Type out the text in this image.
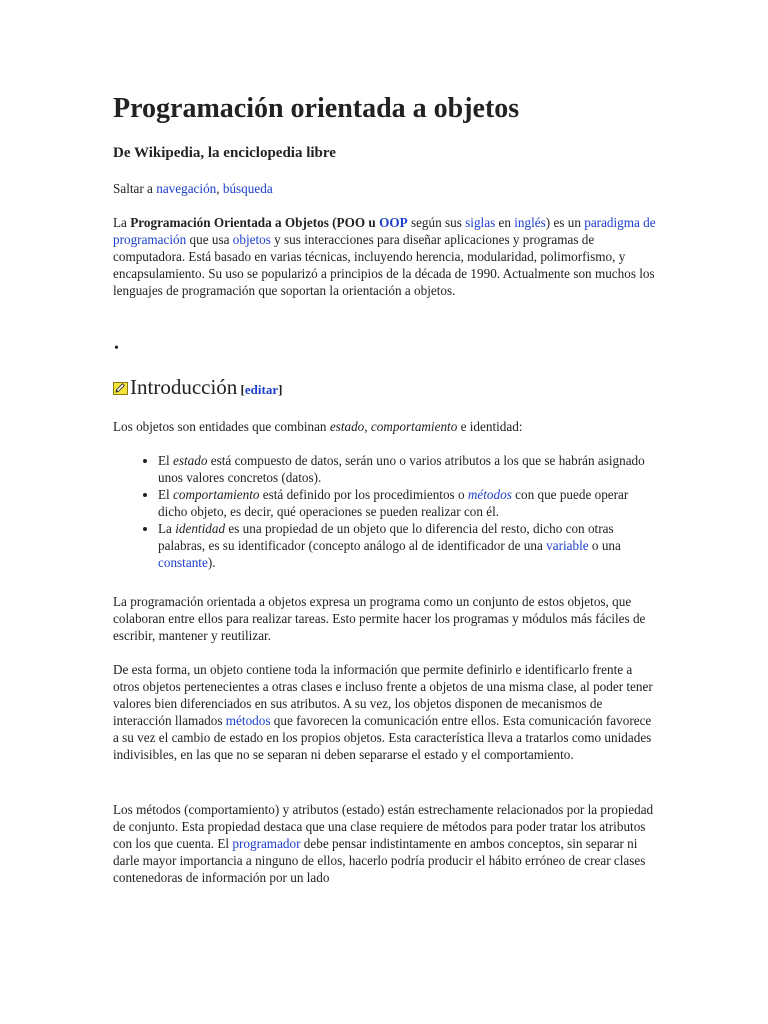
Programación orientada a objetos
De Wikipedia, la enciclopedia libre
Saltar a navegación, búsqueda

La Programación Orientada a Objetos (POO u OOP según sus siglas en inglés) es un paradigma de programación que usa objetos y sus interacciones para diseñar aplicaciones y programas de computadora. Está basado en varias técnicas, incluyendo herencia, modularidad, polimorfismo, y encapsulamiento. Su uso se popularizó a principios de la década de 1990. Actualmente son muchos los lenguajes de programación que soportan la orientación a objetos.

•
Introducción [editar]

Los objetos son entidades que combinan estado, comportamiento e identidad:

• El estado está compuesto de datos, serán uno o varios atributos a los que se habrán asignado unos valores concretos (datos).
• El comportamiento está definido por los procedimientos o métodos con que puede operar dicho objeto, es decir, qué operaciones se pueden realizar con él.
• La identidad es una propiedad de un objeto que lo diferencia del resto, dicho con otras palabras, es su identificador (concepto análogo al de identificador de una variable o una constante).

La programación orientada a objetos expresa un programa como un conjunto de estos objetos, que colaboran entre ellos para realizar tareas. Esto permite hacer los programas y módulos más fáciles de escribir, mantener y reutilizar.

De esta forma, un objeto contiene toda la información que permite definirlo e identificarlo frente a otros objetos pertenecientes a otras clases e incluso frente a objetos de una misma clase, al poder tener valores bien diferenciados en sus atributos. A su vez, los objetos disponen de mecanismos de interacción llamados métodos que favorecen la comunicación entre ellos. Esta comunicación favorece a su vez el cambio de estado en los propios objetos. Esta característica lleva a tratarlos como unidades indivisibles, en las que no se separan ni deben separarse el estado y el comportamiento.

Los métodos (comportamiento) y atributos (estado) están estrechamente relacionados por la propiedad de conjunto. Esta propiedad destaca que una clase requiere de métodos para poder tratar los atributos con los que cuenta. El programador debe pensar indistintamente en ambos conceptos, sin separar ni darle mayor importancia a ninguno de ellos, hacerlo podría producir el hábito erróneo de crear clases contenedoras de información por un lado
